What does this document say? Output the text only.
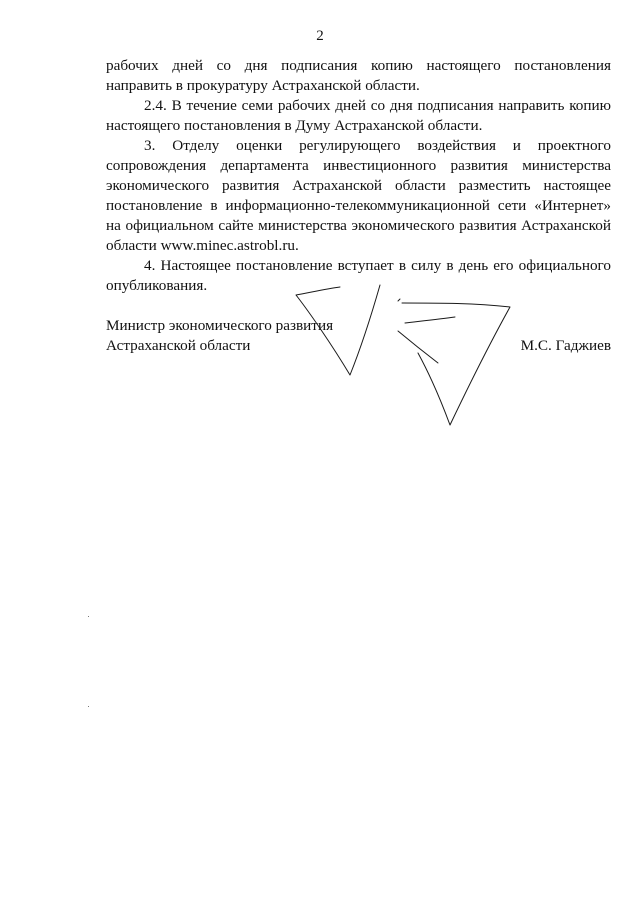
2

рабочих дней со дня подписания копию настоящего постановления направить в прокуратуру Астраханской области.

2.4. В течение семи рабочих дней со дня подписания направить копию настоящего постановления в Думу Астраханской области.

3. Отделу оценки регулирующего воздействия и проектного сопровождения департамента инвестиционного развития министерства экономического развития Астраханской области разместить настоящее постановление в информационно-телекоммуникационной сети «Интернет» на официальном сайте министерства экономического развития Астраханской области www.minec.astrobl.ru.

4. Настоящее постановление вступает в силу в день его официального опубликования.

Министр экономического развития
Астраханской области	М.С. Гаджиев
